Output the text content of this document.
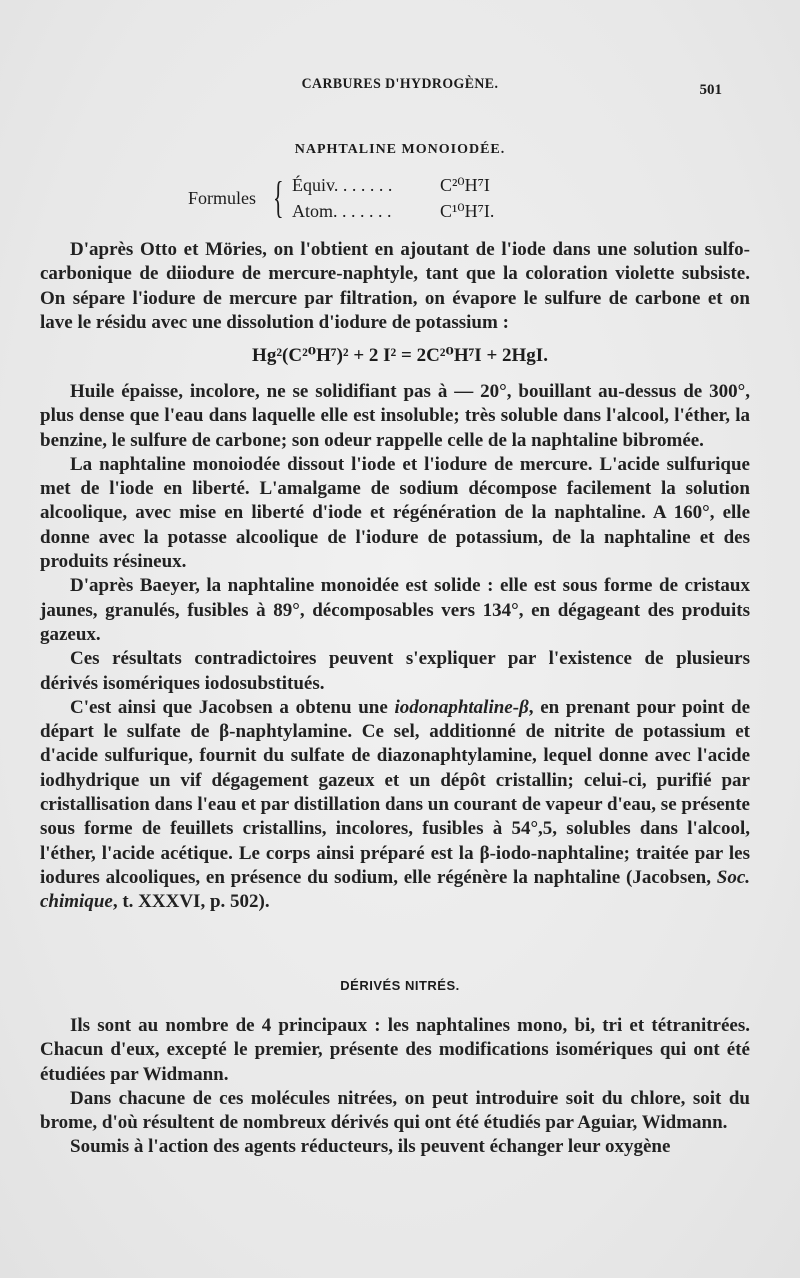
CARBURES D'HYDROGÈNE.	501
NAPHTALINE MONOIODÉE.
Formules { Équiv. . . . . . .	C²⁰H⁷I
Atom. . . . . . .	C¹⁰H⁷I.

D'après Otto et Möries, on l'obtient en ajoutant de l'iode dans une solution sulfo-carbonique de diiodure de mercure-naphtyle, tant que la coloration violette subsiste. On sépare l'iodure de mercure par filtration, on évapore le sulfure de carbone et on lave le résidu avec une dissolution d'iodure de potassium :

Hg²(C²⁰H⁷)² + 2 I² = 2C²⁰H⁷I + 2HgI.

Huile épaisse, incolore, ne se solidifiant pas à — 20°, bouillant au-dessus de 300°, plus dense que l'eau dans laquelle elle est insoluble; très soluble dans l'alcool, l'éther, la benzine, le sulfure de carbone; son odeur rappelle celle de la naphtaline bibromée.

La naphtaline monoiodée dissout l'iode et l'iodure de mercure. L'acide sulfurique met de l'iode en liberté. L'amalgame de sodium décompose facilement la solution alcoolique, avec mise en liberté d'iode et régénération de la naphtaline. A 160°, elle donne avec la potasse alcoolique de l'iodure de potassium, de la naphtaline et des produits résineux.

D'après Baeyer, la naphtaline monoidée est solide : elle est sous forme de cristaux jaunes, granulés, fusibles à 89°, décomposables vers 134°, en dégageant des produits gazeux.

Ces résultats contradictoires peuvent s'expliquer par l'existence de plusieurs dérivés isomériques iodosubstitués.

C'est ainsi que Jacobsen a obtenu une iodonaphtaline-β, en prenant pour point de départ le sulfate de β-naphtylamine. Ce sel, additionné de nitrite de potassium et d'acide sulfurique, fournit du sulfate de diazonaphtylamine, lequel donne avec l'acide iodhydrique un vif dégagement gazeux et un dépôt cristallin; celui-ci, purifié par cristallisation dans l'eau et par distillation dans un courant de vapeur d'eau, se présente sous forme de feuillets cristallins, incolores, fusibles à 54°,5, solubles dans l'alcool, l'éther, l'acide acétique. Le corps ainsi préparé est la β-iodo-naphtaline; traitée par les iodures alcooliques, en présence du sodium, elle régénère la naphtaline (Jacobsen, Soc. chimique, t. XXXVI, p. 502).

DÉRIVÉS NITRÉS.

Ils sont au nombre de 4 principaux : les naphtalines mono, bi, tri et tétranitrées. Chacun d'eux, excepté le premier, présente des modifications isomériques qui ont été étudiées par Widmann.

Dans chacune de ces molécules nitrées, on peut introduire soit du chlore, soit du brome, d'où résultent de nombreux dérivés qui ont été étudiés par Aguiar, Widmann.

Soumis à l'action des agents réducteurs, ils peuvent échanger leur oxygène
